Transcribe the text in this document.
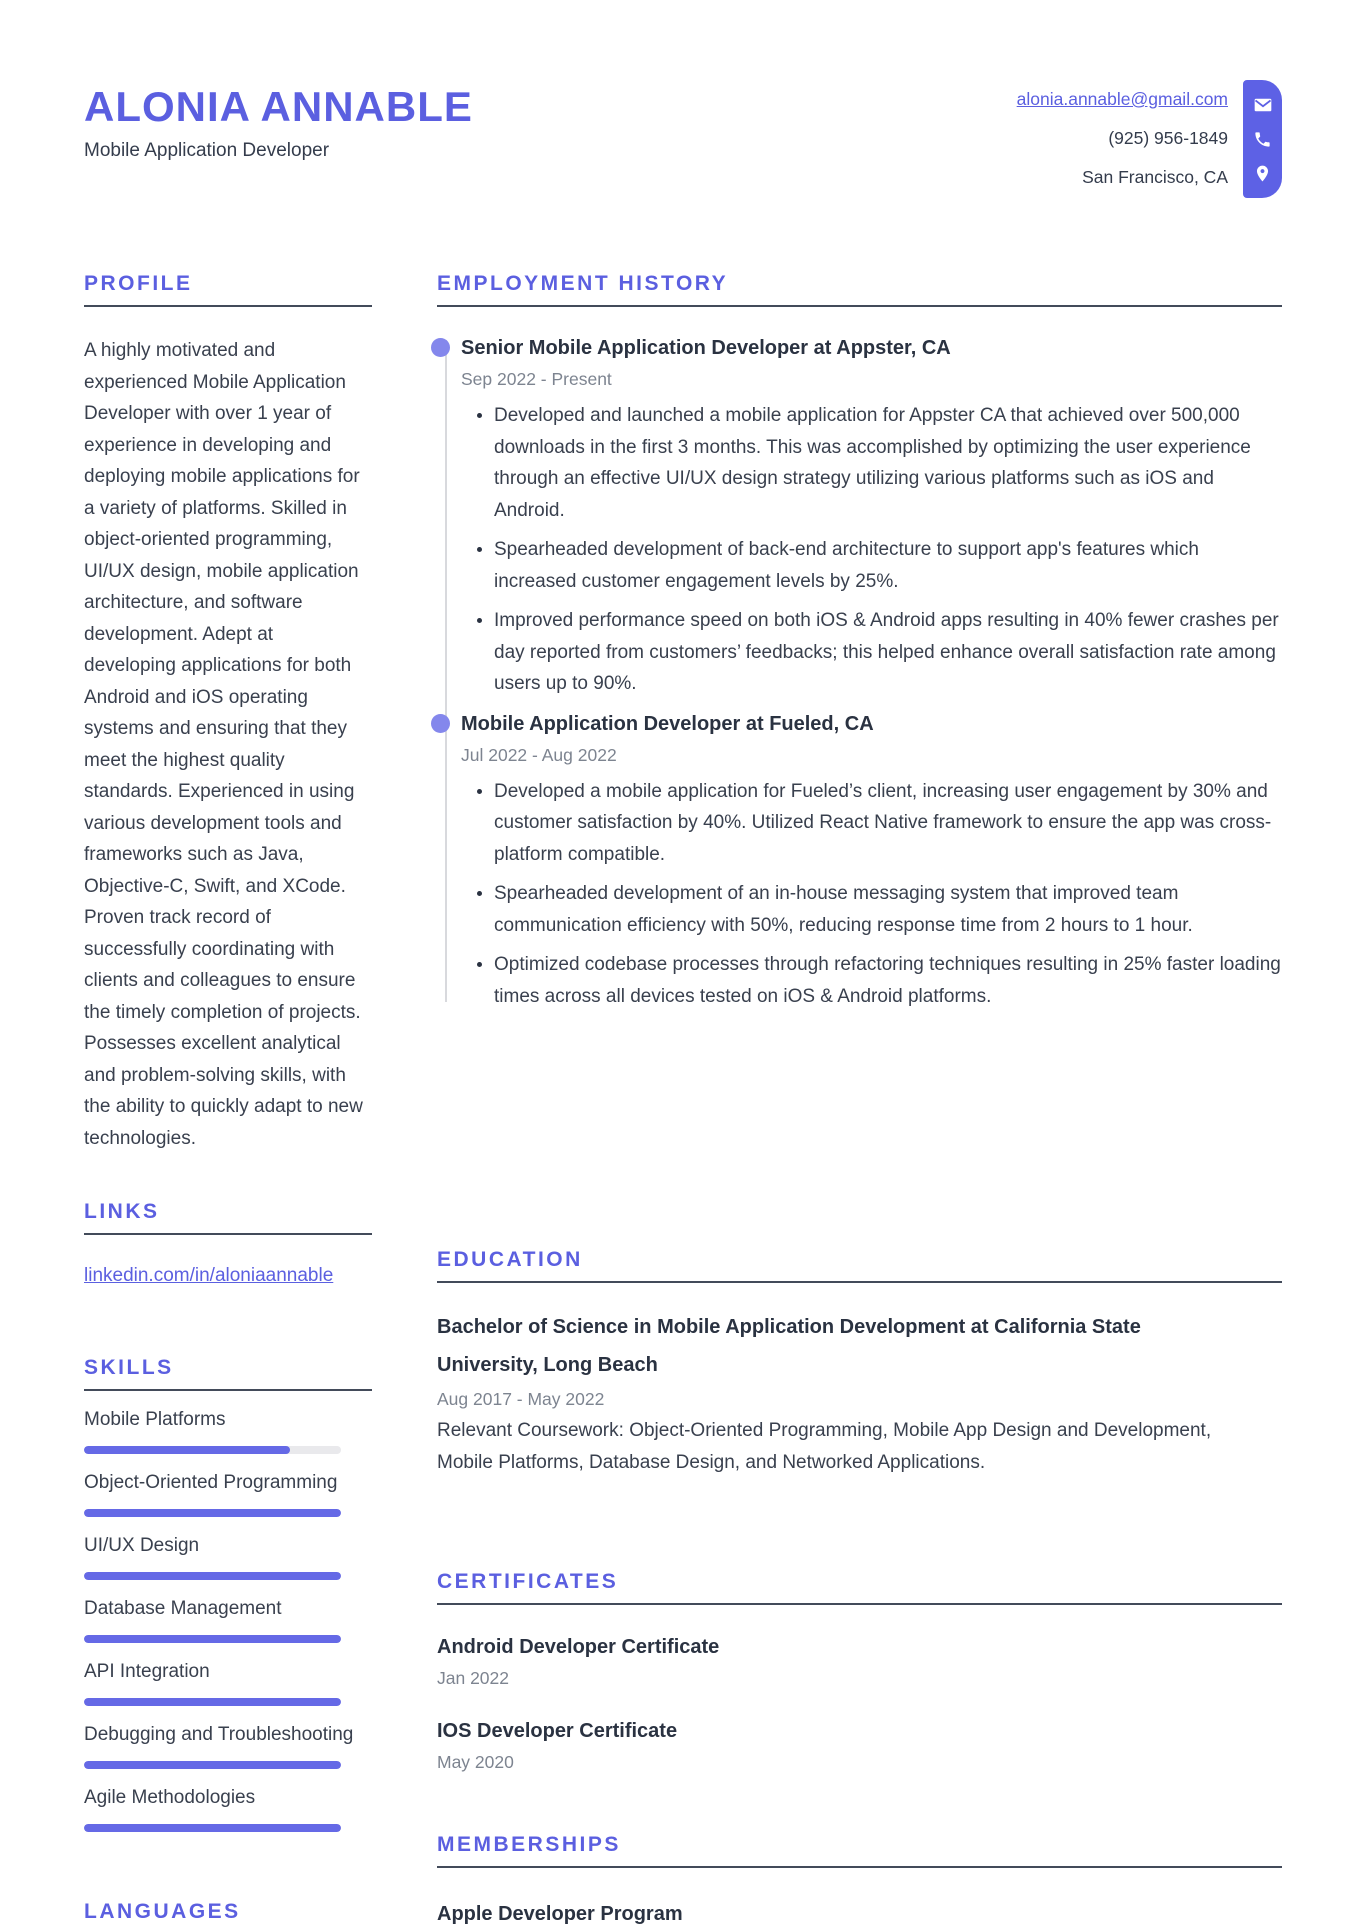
ALONIA ANNABLE
Mobile Application Developer
alonia.annable@gmail.com
(925) 956-1849
San Francisco, CA
PROFILE

A highly motivated and experienced Mobile Application Developer with over 1 year of experience in developing and deploying mobile applications for a variety of platforms. Skilled in object-oriented programming, UI/UX design, mobile application architecture, and software development. Adept at developing applications for both Android and iOS operating systems and ensuring that they meet the highest quality standards. Experienced in using various development tools and frameworks such as Java, Objective-C, Swift, and XCode. Proven track record of successfully coordinating with clients and colleagues to ensure the timely completion of projects. Possesses excellent analytical and problem-solving skills, with the ability to quickly adapt to new technologies.

LINKS
linkedin.com/in/aloniaannable
SKILLS
Mobile Platforms
Object-Oriented Programming
UI/UX Design
Database Management
API Integration
Debugging and Troubleshooting
Agile Methodologies
LANGUAGES
EMPLOYMENT HISTORY
Senior Mobile Application Developer at Appster, CA
Sep 2022 - Present
• Developed and launched a mobile application for Appster CA that achieved over 500,000 downloads in the first 3 months. This was accomplished by optimizing the user experience through an effective UI/UX design strategy utilizing various platforms such as iOS and Android.
• Spearheaded development of back-end architecture to support app's features which increased customer engagement levels by 25%.
• Improved performance speed on both iOS & Android apps resulting in 40% fewer crashes per day reported from customers’ feedbacks; this helped enhance overall satisfaction rate among users up to 90%.
Mobile Application Developer at Fueled, CA
Jul 2022 - Aug 2022
• Developed a mobile application for Fueled’s client, increasing user engagement by 30% and customer satisfaction by 40%. Utilized React Native framework to ensure the app was cross-platform compatible.
• Spearheaded development of an in-house messaging system that improved team communication efficiency with 50%, reducing response time from 2 hours to 1 hour.
• Optimized codebase processes through refactoring techniques resulting in 25% faster loading times across all devices tested on iOS & Android platforms.
EDUCATION
Bachelor of Science in Mobile Application Development at California State University, Long Beach
Aug 2017 - May 2022

Relevant Coursework: Object-Oriented Programming, Mobile App Design and Development, Mobile Platforms, Database Design, and Networked Applications.

CERTIFICATES
Android Developer Certificate
Jan 2022
IOS Developer Certificate
May 2020
MEMBERSHIPS
Apple Developer Program
